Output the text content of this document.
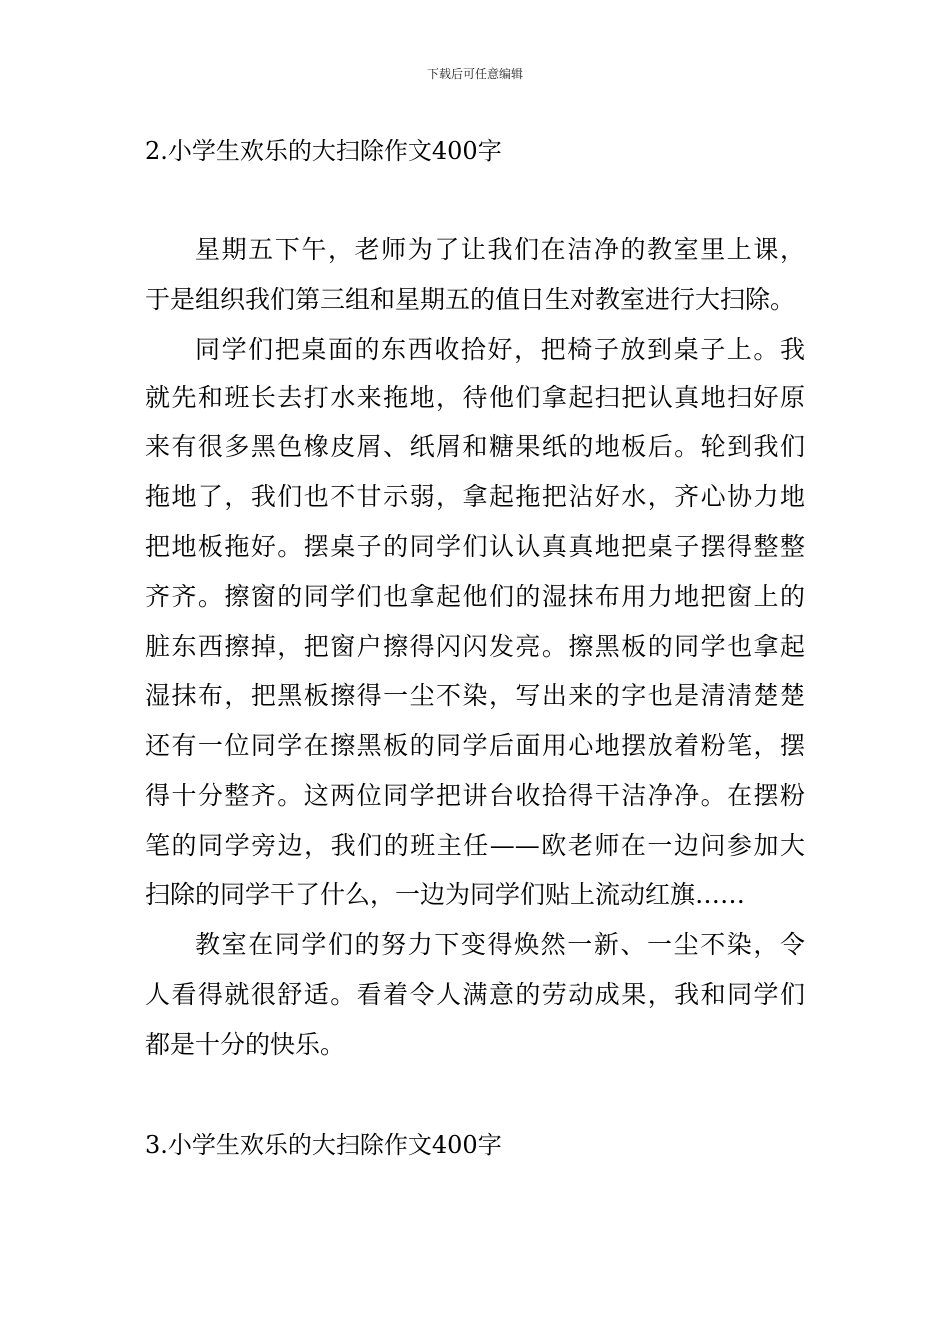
下载后可任意编辑
2.小学生欢乐的大扫除作文400字
星期五下午，老师为了让我们在洁净的教室里上课，
于是组织我们第三组和星期五的值日生对教室进行大扫除。
同学们把桌面的东西收拾好，把椅子放到桌子上。我
就先和班长去打水来拖地，待他们拿起扫把认真地扫好原
来有很多黑色橡皮屑、纸屑和糖果纸的地板后。轮到我们
拖地了，我们也不甘示弱，拿起拖把沾好水，齐心协力地
把地板拖好。摆桌子的同学们认认真真地把桌子摆得整整
齐齐。擦窗的同学们也拿起他们的湿抹布用力地把窗上的
脏东西擦掉，把窗户擦得闪闪发亮。擦黑板的同学也拿起
湿抹布，把黑板擦得一尘不染，写出来的字也是清清楚楚
还有一位同学在擦黑板的同学后面用心地摆放着粉笔，摆
得十分整齐。这两位同学把讲台收拾得干洁净净。在摆粉
笔的同学旁边，我们的班主任——欧老师在一边问参加大
扫除的同学干了什么，一边为同学们贴上流动红旗……
教室在同学们的努力下变得焕然一新、一尘不染，令
人看得就很舒适。看着令人满意的劳动成果，我和同学们
都是十分的快乐。
3.小学生欢乐的大扫除作文400字
